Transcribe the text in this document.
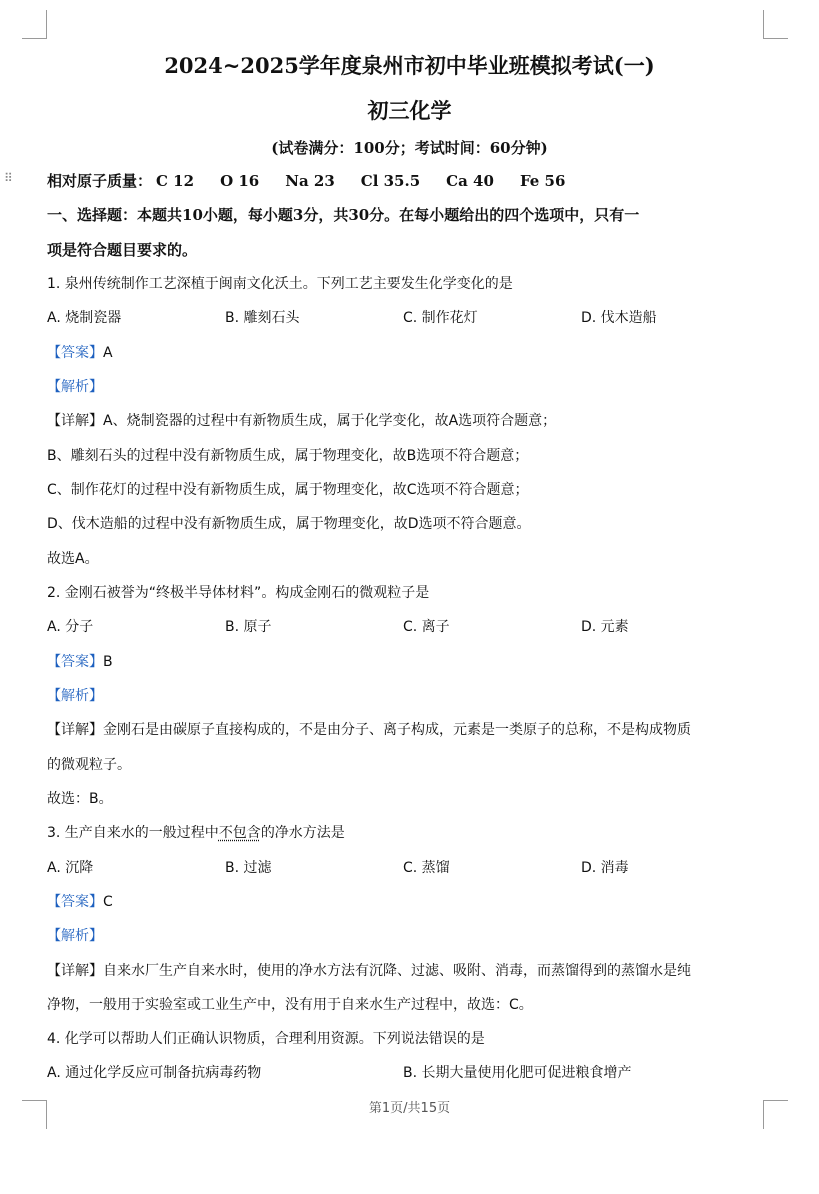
⠿
2024~2025学年度泉州市初中毕业班模拟考试(一)
初三化学
(试卷满分：100分；考试时间：60分钟)
相对原子质量： C 12 O 16 Na 23 Cl 35.5 Ca 40 Fe 56
一、选择题：本题共10小题，每小题3分，共30分。在每小题给出的四个选项中，只有一
项是符合题目要求的。
1. 泉州传统制作工艺深植于闽南文化沃土。下列工艺主要发生化学变化的是
A. 烧制瓷器	B. 雕刻石头	C. 制作花灯	D. 伐木造船
【答案】A
【解析】
【详解】A、烧制瓷器的过程中有新物质生成，属于化学变化，故A选项符合题意；
B、雕刻石头的过程中没有新物质生成，属于物理变化，故B选项不符合题意；
C、制作花灯的过程中没有新物质生成，属于物理变化，故C选项不符合题意；
D、伐木造船的过程中没有新物质生成，属于物理变化，故D选项不符合题意。
故选A。
2. 金刚石被誉为“终极半导体材料”。构成金刚石的微观粒子是
A. 分子	B. 原子	C. 离子	D. 元素
【答案】B
【解析】
【详解】金刚石是由碳原子直接构成的，不是由分子、离子构成，元素是一类原子的总称，不是构成物质
的微观粒子。
故选：B。
3. 生产自来水的一般过程中不包含的净水方法是
A. 沉降	B. 过滤	C. 蒸馏	D. 消毒
【答案】C
【解析】
【详解】自来水厂生产自来水时，使用的净水方法有沉降、过滤、吸附、消毒，而蒸馏得到的蒸馏水是纯
净物，一般用于实验室或工业生产中，没有用于自来水生产过程中，故选：C。
4. 化学可以帮助人们正确认识物质，合理利用资源。下列说法错误的是
A. 通过化学反应可制备抗病毒药物	B. 长期大量使用化肥可促进粮食增产
第1页/共15页
